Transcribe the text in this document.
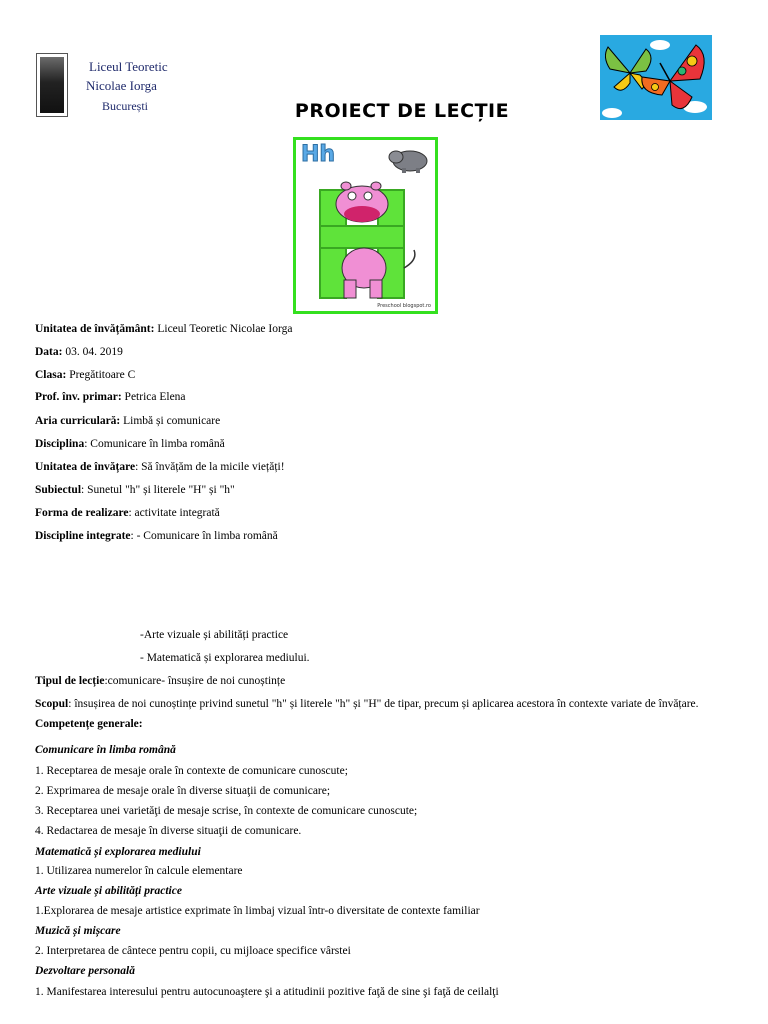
Liceul Teoretic
Nicolae Iorga
București	PROIECT DE LECȚIE
Hh
Preschool blogspot.ro
Unitatea de învățământ: Liceul Teoretic Nicolae Iorga
Data: 03. 04. 2019
Clasa: Pregătitoare C
Prof. înv. primar: Petrica Elena
Aria curriculară: Limbă și comunicare
Disciplina: Comunicare în limba română
Unitatea de învățare: Să învățăm de la micile viețăți!
Subiectul: Sunetul "h" și literele "H" și "h"
Forma de realizare: activitate integrată
Discipline integrate: - Comunicare în limba română
-Arte vizuale și abilități practice
- Matematică și explorarea mediului.
Tipul de lecție:comunicare- însușire de noi cunoștințe
Scopul: însușirea de noi cunoștințe privind sunetul "h" și literele "h" și "H" de tipar, precum și aplicarea acestora în contexte variate de învățare.
Competențe generale:
Comunicare în limba română
1. Receptarea de mesaje orale în contexte de comunicare cunoscute;
2. Exprimarea de mesaje orale în diverse situaţii de comunicare;
3. Receptarea unei varietăţi de mesaje scrise, în contexte de comunicare cunoscute;
4. Redactarea de mesaje în diverse situaţii de comunicare.
Matematică și explorarea mediului
1. Utilizarea numerelor în calcule elementare
Arte vizuale și abilități practice
1.Explorarea de mesaje artistice exprimate în limbaj vizual într-o diversitate de contexte familiar
Muzică și mișcare
2. Interpretarea de cântece pentru copii, cu mijloace specifice vârstei
Dezvoltare personală
1. Manifestarea interesului pentru autocunoaştere şi a atitudinii pozitive faţă de sine şi faţă de ceilalţi
